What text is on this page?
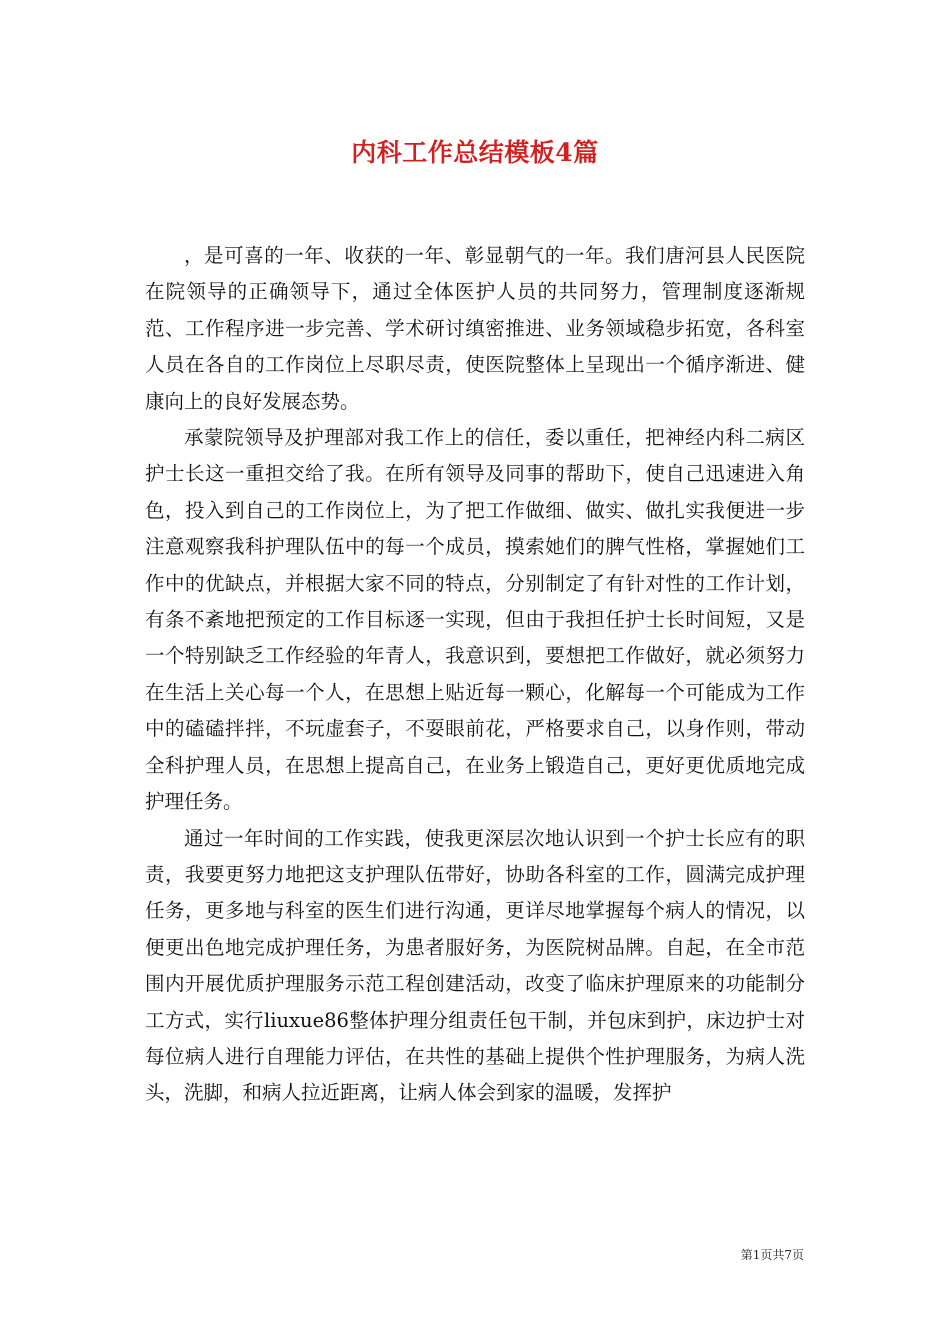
内科工作总结模板4篇

，是可喜的一年、收获的一年、彰显朝气的一年。我们唐河县人民医院在院领导的正确领导下，通过全体医护人员的共同努力，管理制度逐渐规范、工作程序进一步完善、学术研讨缜密推进、业务领域稳步拓宽，各科室人员在各自的工作岗位上尽职尽责，使医院整体上呈现出一个循序渐进、健康向上的良好发展态势。

承蒙院领导及护理部对我工作上的信任，委以重任，把神经内科二病区护士长这一重担交给了我。在所有领导及同事的帮助下，使自己迅速进入角色，投入到自己的工作岗位上，为了把工作做细、做实、做扎实我便进一步注意观察我科护理队伍中的每一个成员，摸索她们的脾气性格，掌握她们工作中的优缺点，并根据大家不同的特点，分别制定了有针对性的工作计划，有条不紊地把预定的工作目标逐一实现，但由于我担任护士长时间短，又是一个特别缺乏工作经验的年青人，我意识到，要想把工作做好，就必须努力在生活上关心每一个人，在思想上贴近每一颗心，化解每一个可能成为工作中的磕磕拌拌，不玩虚套子，不耍眼前花，严格要求自己，以身作则，带动全科护理人员，在思想上提高自己，在业务上锻造自己，更好更优质地完成护理任务。

通过一年时间的工作实践，使我更深层次地认识到一个护士长应有的职责，我要更努力地把这支护理队伍带好，协助各科室的工作，圆满完成护理任务，更多地与科室的医生们进行沟通，更详尽地掌握每个病人的情况，以便更出色地完成护理任务，为患者服好务，为医院树品牌。自起，在全市范围内开展优质护理服务示范工程创建活动，改变了临床护理原来的功能制分工方式，实行liuxue86整体护理分组责任包干制，并包床到护，床边护士对每位病人进行自理能力评估，在共性的基础上提供个性护理服务，为病人洗头，洗脚，和病人拉近距离，让病人体会到家的温暖，发挥护

第1页共7页
